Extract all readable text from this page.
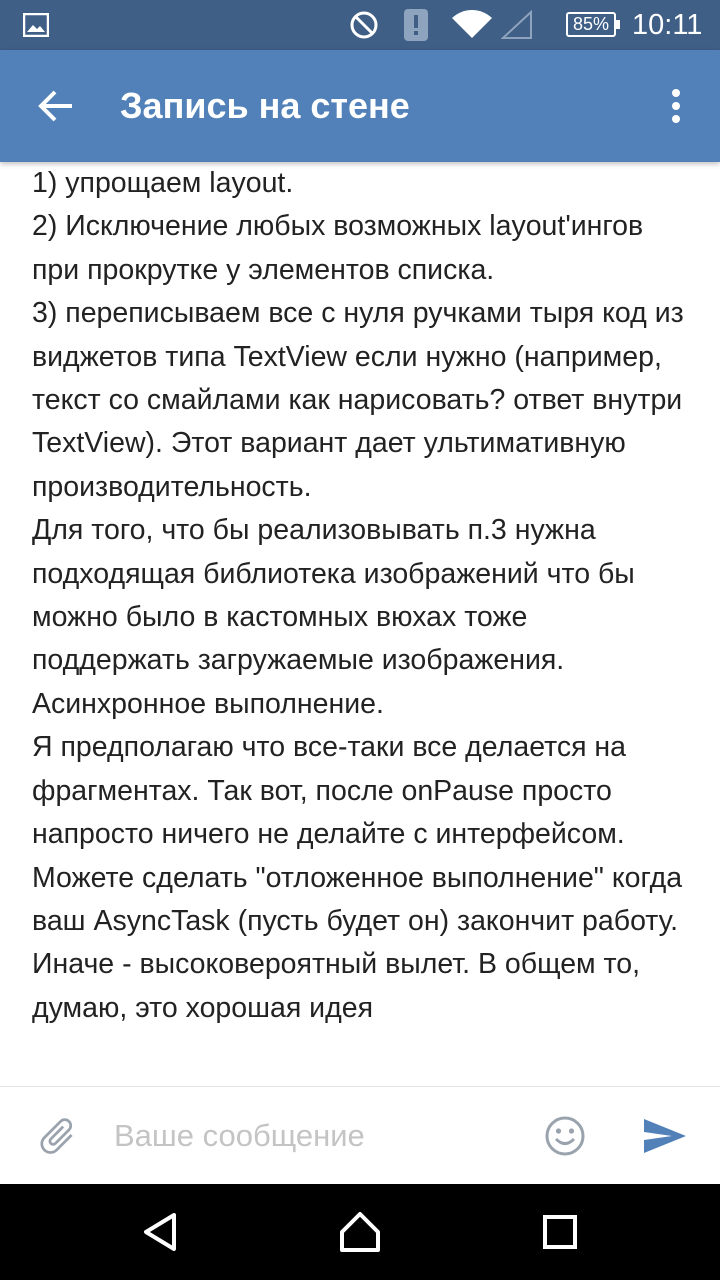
85% 10:11
Запись на стене
1) упрощаем layout.
2) Исключение любых возможных layout'ингов при прокрутке у элементов списка.
3) переписываем все с нуля ручками тыря код из виджетов типа TextView если нужно (например, текст со смайлами как нарисовать? ответ внутри TextView). Этот вариант дает ультимативную производительность.
Для того, что бы реализовывать п.3 нужна подходящая библиотека изображений что бы можно было в кастомных вюхах тоже поддержать загружаемые изображения. Асинхронное выполнение.
Я предполагаю что все-таки все делается на фрагментах. Так вот, после onPause просто напросто ничего не делайте с интерфейсом. Можете сделать "отложенное выполнение" когда ваш AsyncTask (пусть будет он) закончит работу. Иначе - высоковероятный вылет. В общем то, думаю, это хорошая идея
Ваше сообщение
